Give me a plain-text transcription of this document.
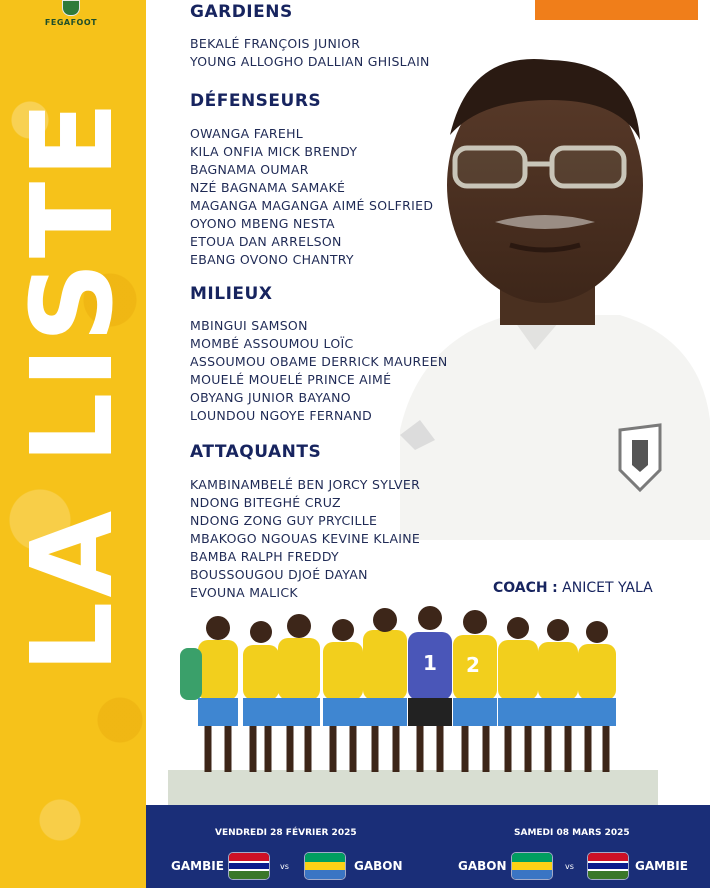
FEGAFOOT
LA LISTE
GARDIENS
BEKALÉ FRANÇOIS JUNIOR
YOUNG ALLOGHO DALLIAN GHISLAIN
DÉFENSEURS
OWANGA FAREHL
KILA ONFIA MICK BRENDY
BAGNAMA OUMAR
NZÉ BAGNAMA SAMAKÉ
MAGANGA MAGANGA AIMÉ SOLFRIED
OYONO MBENG NESTA
ETOUA DAN ARRELSON
EBANG OVONO CHANTRY
MILIEUX
MBINGUI SAMSON
MOMBÉ ASSOUMOU LOÏC
ASSOUMOU OBAME DERRICK MAUREEN
MOUELÉ MOUELÉ PRINCE AIMÉ
OBYANG JUNIOR BAYANO
LOUNDOU NGOYE FERNAND
ATTAQUANTS
KAMBINAMBELÉ BEN JORCY SYLVER
NDONG BITEGHÉ CRUZ
NDONG ZONG GUY PRYCILLE
MBAKOGO NGOUAS KEVINE KLAINE
BAMBA RALPH FREDDY
BOUSSOUGOU DJOÉ DAYAN
EVOUNA MALICK	COACH : ANICET YALA
1 2
VENDREDI 28 FÉVRIER 2025
GAMBIE	vs	GABON
SAMEDI 08 MARS 2025
GABON	vs	GAMBIE
